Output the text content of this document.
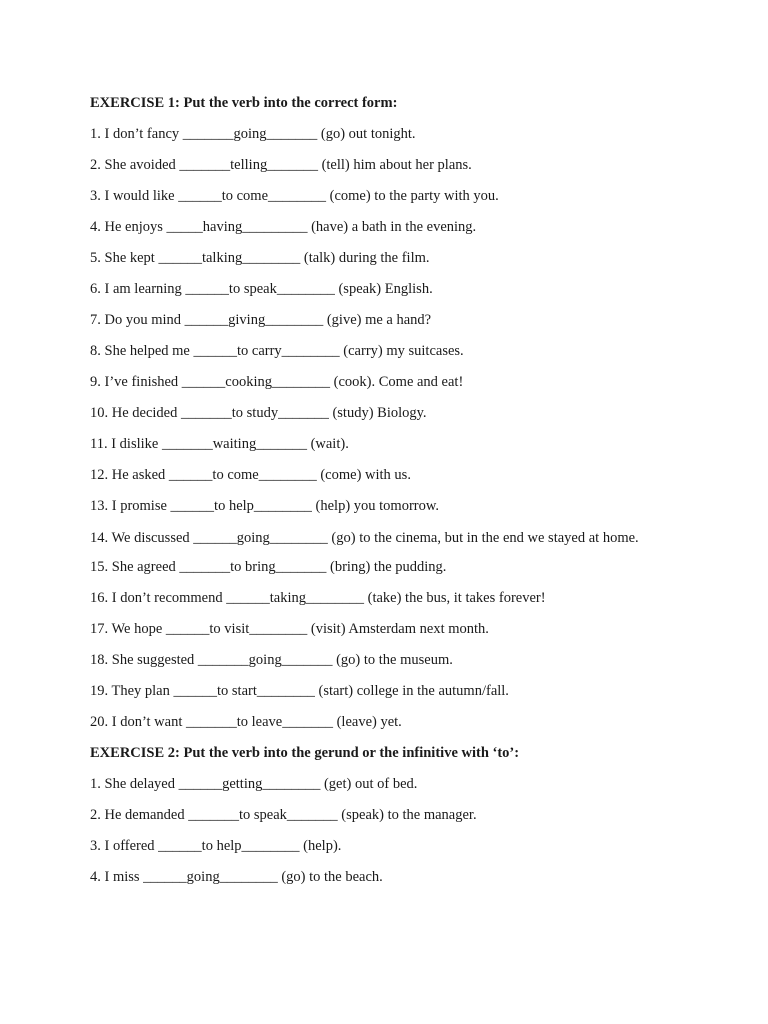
EXERCISE 1: Put the verb into the correct form:
1. I don’t fancy _______going_______ (go) out tonight.
2. She avoided _______telling_______ (tell) him about her plans.
3. I would like ______to come________ (come) to the party with you.
4. He enjoys _____having_________ (have) a bath in the evening.
5. She kept ______talking________ (talk) during the film.
6. I am learning ______to speak________ (speak) English.
7. Do you mind ______giving________ (give) me a hand?
8. She helped me ______to carry________ (carry) my suitcases.
9. I’ve finished ______cooking________ (cook). Come and eat!
10. He decided _______to study_______ (study) Biology.
11. I dislike _______waiting_______ (wait).
12. He asked ______to come________ (come) with us.
13. I promise ______to help________ (help) you tomorrow.
14. We discussed ______going________ (go) to the cinema, but in the end we stayed at home.
15. She agreed _______to bring_______ (bring) the pudding.
16. I don’t recommend ______taking________ (take) the bus, it takes forever!
17. We hope ______to visit________ (visit) Amsterdam next month.
18. She suggested _______going_______ (go) to the museum.
19. They plan ______to start________ (start) college in the autumn/fall.
20. I don’t want _______to leave_______ (leave) yet.
EXERCISE 2: Put the verb into the gerund or the infinitive with ‘to’:
1. She delayed ______getting________ (get) out of bed.
2. He demanded _______to speak_______ (speak) to the manager.
3. I offered ______to help________ (help).
4. I miss ______going________ (go) to the beach.
